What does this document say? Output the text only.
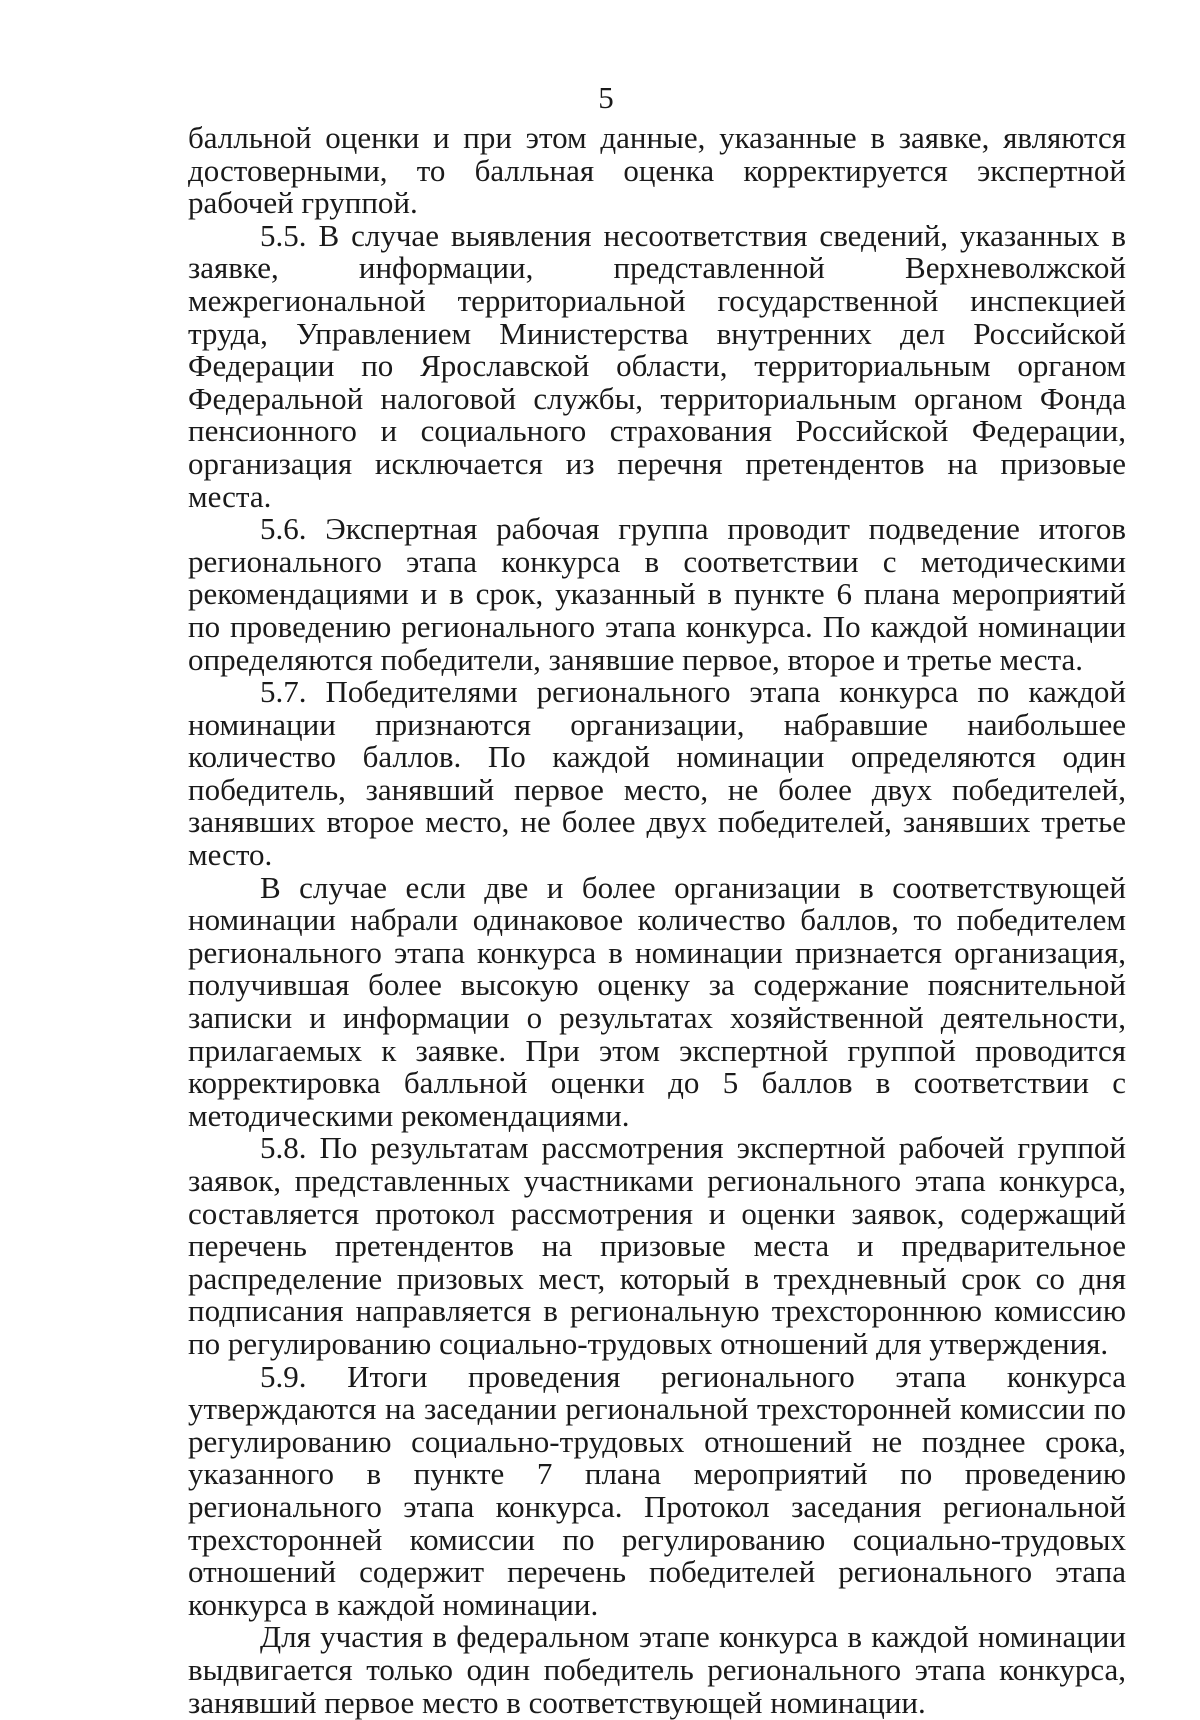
5

балльной оценки и при этом данные, указанные в заявке, являются достоверными, то балльная оценка корректируется экспертной рабочей группой.

5.5. В случае выявления несоответствия сведений, указанных в заявке, информации, представленной Верхневолжской межрегиональной территориальной государственной инспекцией труда, Управлением Министерства внутренних дел Российской Федерации по Ярославской области, территориальным органом Федеральной налоговой службы, территориальным органом Фонда пенсионного и социального страхования Российской Федерации, организация исключается из перечня претендентов на призовые места.

5.6. Экспертная рабочая группа проводит подведение итогов регионального этапа конкурса в соответствии с методическими рекомендациями и в срок, указанный в пункте 6 плана мероприятий по проведению регионального этапа конкурса. По каждой номинации определяются победители, занявшие первое, второе и третье места.

5.7. Победителями регионального этапа конкурса по каждой номинации признаются организации, набравшие наибольшее количество баллов. По каждой номинации определяются один победитель, занявший первое место, не более двух победителей, занявших второе место, не более двух победителей, занявших третье место.

В случае если две и более организации в соответствующей номинации набрали одинаковое количество баллов, то победителем регионального этапа конкурса в номинации признается организация, получившая более высокую оценку за содержание пояснительной записки и информации о результатах хозяйственной деятельности, прилагаемых к заявке. При этом экспертной группой проводится корректировка балльной оценки до 5 баллов в соответствии с методическими рекомендациями.

5.8. По результатам рассмотрения экспертной рабочей группой заявок, представленных участниками регионального этапа конкурса, составляется протокол рассмотрения и оценки заявок, содержащий перечень претендентов на призовые места и предварительное распределение призовых мест, который в трехдневный срок со дня подписания направляется в региональную трехстороннюю комиссию по регулированию социально-трудовых отношений для утверждения.

5.9. Итоги проведения регионального этапа конкурса утверждаются на заседании региональной трехсторонней комиссии по регулированию социально-трудовых отношений не позднее срока, указанного в пункте 7 плана мероприятий по проведению регионального этапа конкурса. Протокол заседания региональной трехсторонней комиссии по регулированию социально-трудовых отношений содержит перечень победителей регионального этапа конкурса в каждой номинации.

Для участия в федеральном этапе конкурса в каждой номинации выдвигается только один победитель регионального этапа конкурса, занявший первое место в соответствующей номинации.
